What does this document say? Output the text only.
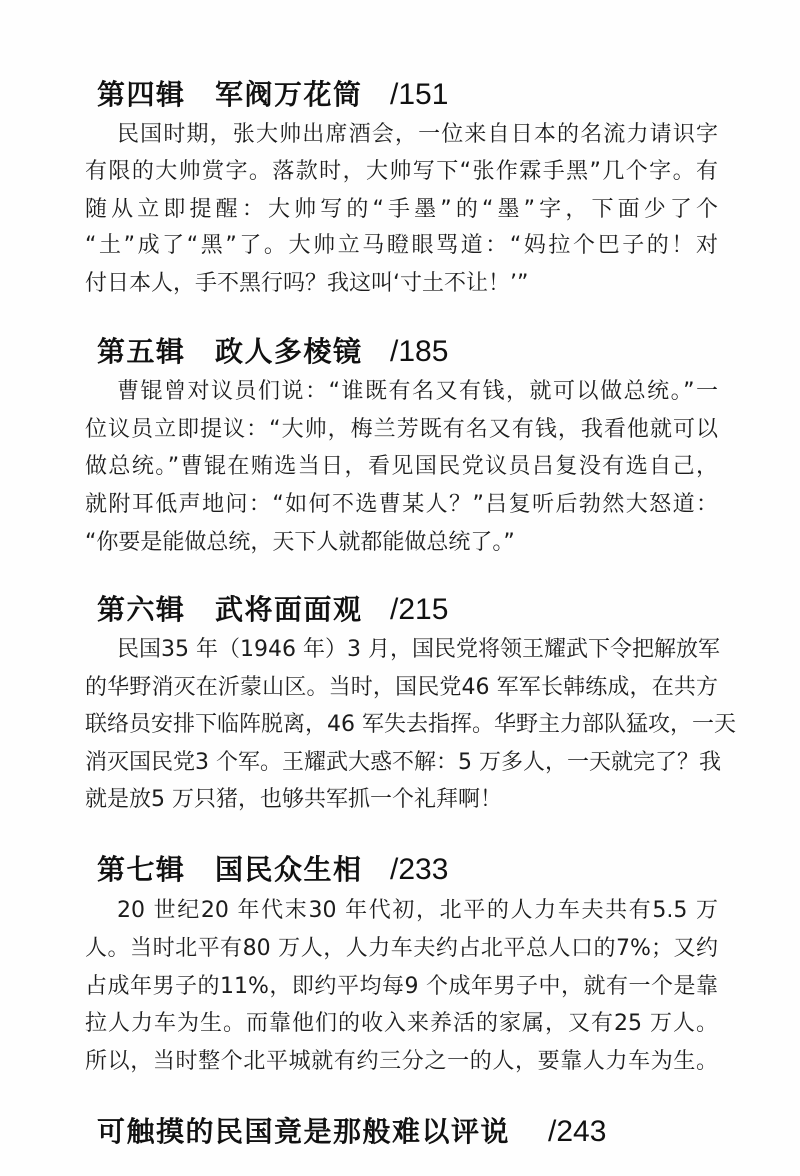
第四辑 军阀万花筒 /151
民国时期，张大帅出席酒会，一位来自日本的名流力请识字
有限的大帅赏字。落款时，大帅写下“张作霖手黑”几个字。有
随从立即提醒：大帅写的“手墨”的“墨”字，下面少了个
“土”成了“黑”了。大帅立马瞪眼骂道：“妈拉个巴子的！对
付日本人，手不黑行吗？我这叫‘寸土不让！’”
第五辑 政人多棱镜 /185
曹锟曾对议员们说：“谁既有名又有钱，就可以做总统。”一
位议员立即提议：“大帅，梅兰芳既有名又有钱，我看他就可以
做总统。”曹锟在贿选当日，看见国民党议员吕复没有选自己，
就附耳低声地问：“如何不选曹某人？”吕复听后勃然大怒道：
“你要是能做总统，天下人就都能做总统了。”
第六辑 武将面面观 /215
民国35 年（1946 年）3 月，国民党将领王耀武下令把解放军
的华野消灭在沂蒙山区。当时，国民党46 军军长韩练成，在共方
联络员安排下临阵脱离，46 军失去指挥。华野主力部队猛攻，一天
消灭国民党3 个军。王耀武大惑不解：5 万多人，一天就完了？我
就是放5 万只猪，也够共军抓一个礼拜啊！
第七辑 国民众生相 /233
20 世纪20 年代末30 年代初，北平的人力车夫共有5.5 万
人。当时北平有80 万人，人力车夫约占北平总人口的7%；又约
占成年男子的11%，即约平均每9 个成年男子中，就有一个是靠
拉人力车为生。而靠他们的收入来养活的家属，又有25 万人。
所以，当时整个北平城就有约三分之一的人，要靠人力车为生。
可触摸的民国竟是那般难以评说 /243
